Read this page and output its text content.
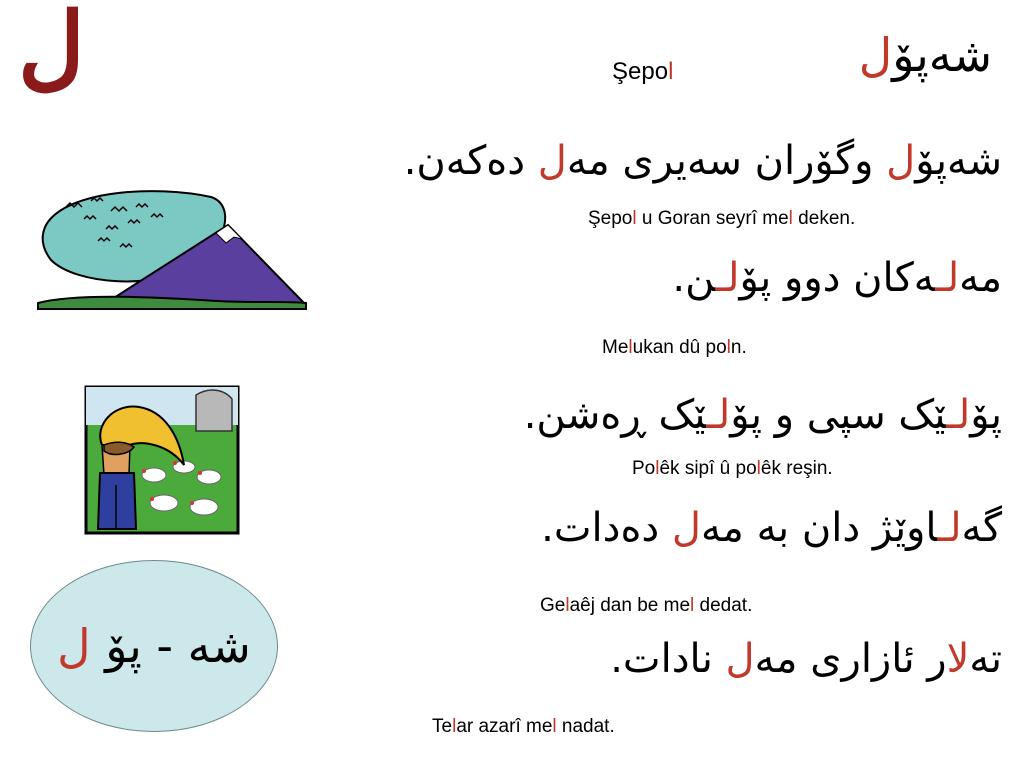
ل	Şepol	شەپۆل
شەپۆل وگۆران سەیری مەل دەکەن.
Şepol u Goran seyrî mel deken.
مەلـەکان دوو پۆلـن.
Melukan dû poln.
پۆلـێک سپی و پۆلـێک ڕەشن.
Polêk sipî û polêk reşin.
گەلـاوێژ دان بە مەل دەدات.
Gelaêj dan be mel dedat.
تەلار ئازاری مەل نادات.
Telar azarî mel nadat.
شە - پۆ ل
